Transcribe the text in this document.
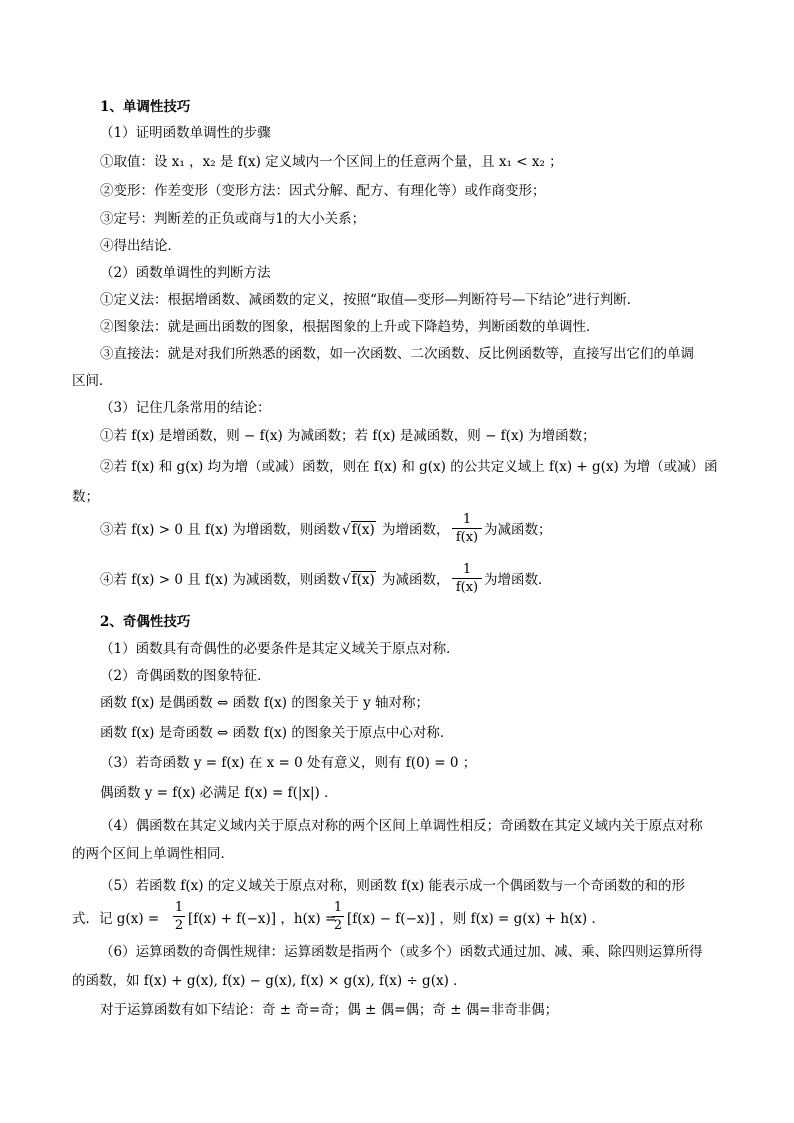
1、单调性技巧
（1）证明函数单调性的步骤
①取值：设 x₁ ，x₂ 是 f(x) 定义域内一个区间上的任意两个量，且 x₁ < x₂ ；
②变形：作差变形（变形方法：因式分解、配方、有理化等）或作商变形；
③定号：判断差的正负或商与1的大小关系；
④得出结论．
（2）函数单调性的判断方法
①定义法：根据增函数、减函数的定义，按照“取值—变形—判断符号—下结论”进行判断．
②图象法：就是画出函数的图象，根据图象的上升或下降趋势，判断函数的单调性．
③直接法：就是对我们所熟悉的函数，如一次函数、二次函数、反比例函数等，直接写出它们的单调
区间．
（3）记住几条常用的结论：
①若 f(x) 是增函数，则 − f(x) 为减函数；若 f(x) 是减函数，则 − f(x) 为增函数；
②若 f(x) 和 g(x) 均为增（或减）函数，则在 f(x) 和 g(x) 的公共定义域上 f(x) + g(x) 为增（或减）函
数；
③若 f(x) > 0 且 f(x) 为增函数，则函数 √f(x) 为增函数，
1
f(x) 为减函数；
④若 f(x) > 0 且 f(x) 为减函数，则函数 √f(x) 为减函数，
1
f(x) 为增函数．
2、奇偶性技巧
（1）函数具有奇偶性的必要条件是其定义域关于原点对称．
（2）奇偶函数的图象特征．
函数 f(x) 是偶函数 ⇔ 函数 f(x) 的图象关于 y 轴对称；
函数 f(x) 是奇函数 ⇔ 函数 f(x) 的图象关于原点中心对称．
（3）若奇函数 y = f(x) 在 x = 0 处有意义，则有 f(0) = 0 ；
偶函数 y = f(x) 必满足 f(x) = f(|x|) ．
（4）偶函数在其定义域内关于原点对称的两个区间上单调性相反；奇函数在其定义域内关于原点对称
的两个区间上单调性相同．
（5）若函数 f(x) 的定义域关于原点对称，则函数 f(x) 能表示成一个偶函数与一个奇函数的和的形
式．记 g(x) =
1
2 [f(x) + f(−x)] ，h(x) =
1
2 [f(x) − f(−x)] ，则 f(x) = g(x) + h(x) ．
（6）运算函数的奇偶性规律：运算函数是指两个（或多个）函数式通过加、减、乘、除四则运算所得
的函数，如 f(x) + g(x), f(x) − g(x), f(x) × g(x), f(x) ÷ g(x) ．
对于运算函数有如下结论：奇 ± 奇=奇；偶 ± 偶=偶；奇 ± 偶=非奇非偶；
